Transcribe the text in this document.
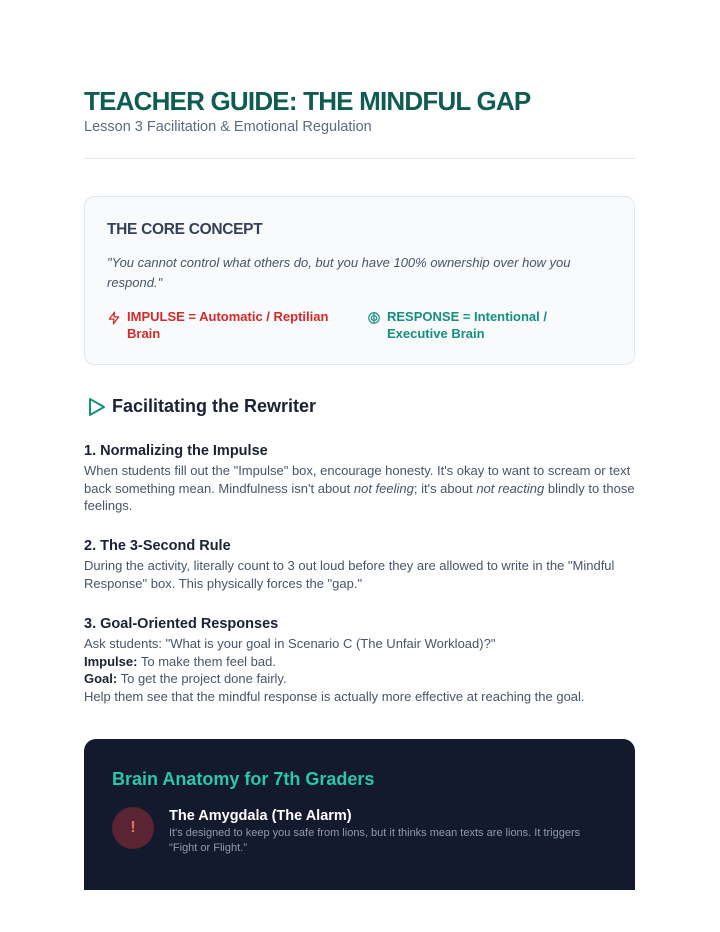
TEACHER GUIDE: THE MINDFUL GAP
Lesson 3 Facilitation & Emotional Regulation
THE CORE CONCEPT
"You cannot control what others do, but you have 100% ownership over how you respond."
IMPULSE = Automatic / Reptilian Brain
RESPONSE = Intentional / Executive Brain
Facilitating the Rewriter
1. Normalizing the Impulse

When students fill out the "Impulse" box, encourage honesty. It's okay to want to scream or text back something mean. Mindfulness isn't about not feeling; it's about not reacting blindly to those feelings.

2. The 3-Second Rule

During the activity, literally count to 3 out loud before they are allowed to write in the "Mindful Response" box. This physically forces the "gap."

3. Goal-Oriented Responses

Ask students: "What is your goal in Scenario C (The Unfair Workload)?"
Impulse: To make them feel bad.
Goal: To get the project done fairly.
Help them see that the mindful response is actually more effective at reaching the goal.

Brain Anatomy for 7th Graders
!
The Amygdala (The Alarm)
It's designed to keep you safe from lions, but it thinks mean texts are lions. It triggers "Fight or Flight."
